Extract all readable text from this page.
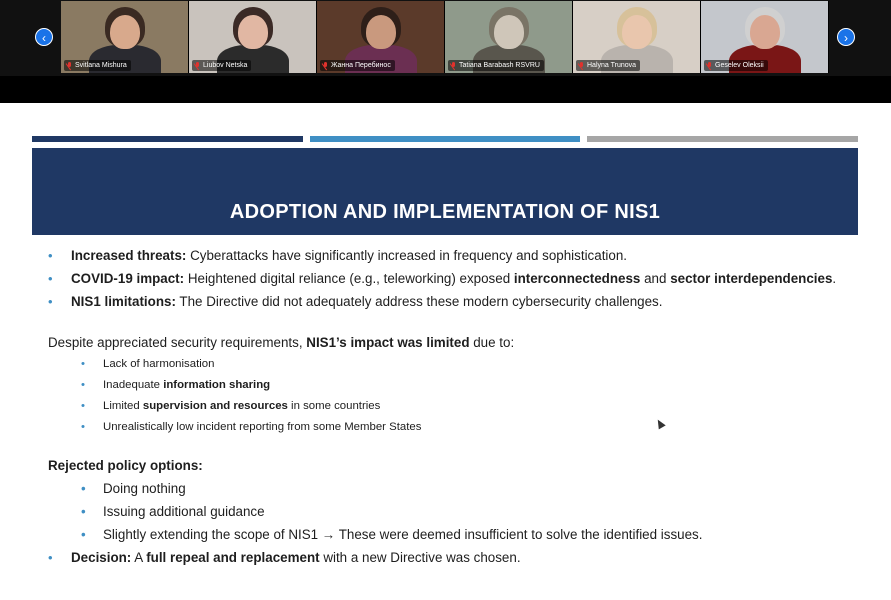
Svitlana Mishura	Liubov Netska	Жанна Перебинос	Tatiana Barabash RSVRU	Halyna Trunova	Geselev Oleksii
‹	›
ADOPTION AND IMPLEMENTATION OF NIS1
• Increased threats: Cyberattacks have significantly increased in frequency and sophistication.
• COVID-19 impact: Heightened digital reliance (e.g., teleworking) exposed interconnectedness and sector interdependencies.
• NIS1 limitations: The Directive did not adequately address these modern cybersecurity challenges.

Despite appreciated security requirements, NIS1’s impact was limited due to:

• Lack of harmonisation
• Inadequate information sharing
• Limited supervision and resources in some countries
• Unrealistically low incident reporting from some Member States

Rejected policy options:

• Doing nothing
• Issuing additional guidance
• Slightly extending the scope of NIS1 → These were deemed insufficient to solve the identified issues.
• Decision: A full repeal and replacement with a new Directive was chosen.
